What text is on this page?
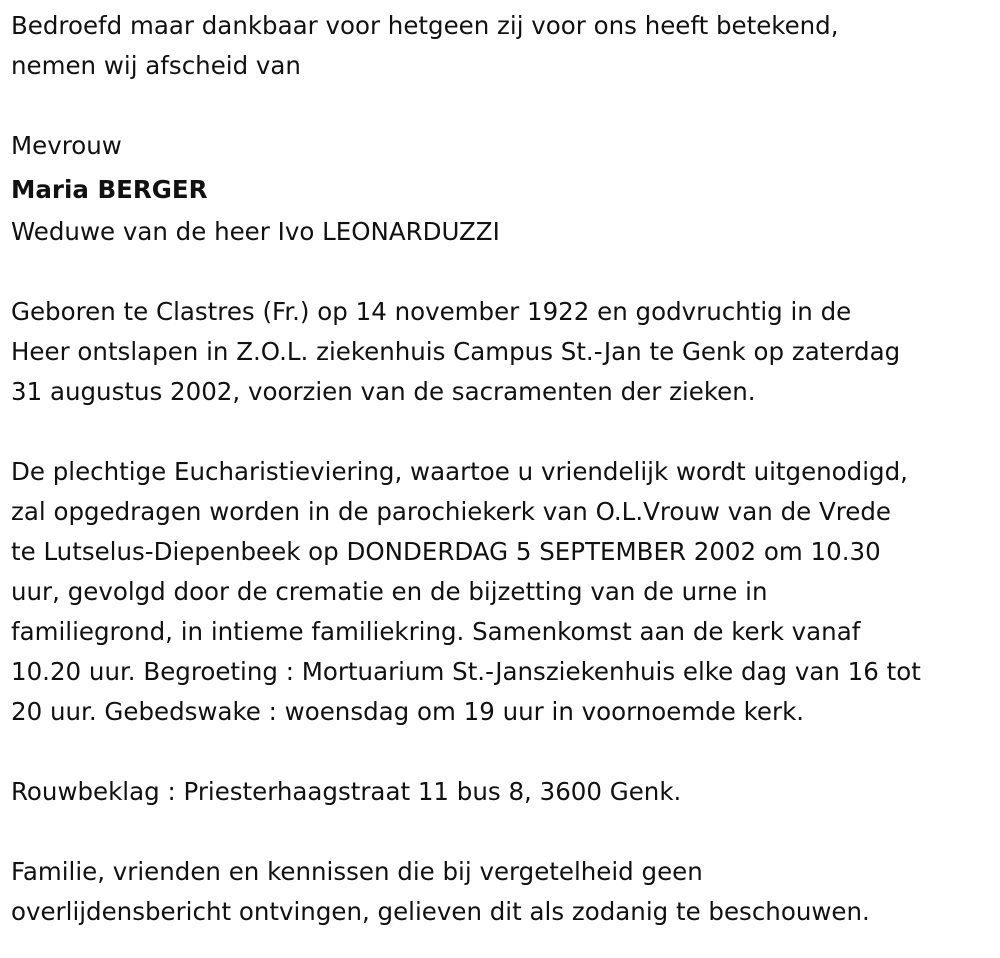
Bedroefd maar dankbaar voor hetgeen zij voor ons heeft betekend,
nemen wij afscheid van
Mevrouw
Maria BERGER
Weduwe van de heer Ivo LEONARDUZZI
Geboren te Clastres (Fr.) op 14 november 1922 en godvruchtig in de
Heer ontslapen in Z.O.L. ziekenhuis Campus St.-Jan te Genk op zaterdag
31 augustus 2002, voorzien van de sacramenten der zieken.
De plechtige Eucharistieviering, waartoe u vriendelijk wordt uitgenodigd,
zal opgedragen worden in de parochiekerk van O.L.Vrouw van de Vrede
te Lutselus-Diepenbeek op DONDERDAG 5 SEPTEMBER 2002 om 10.30
uur, gevolgd door de crematie en de bijzetting van de urne in
familiegrond, in intieme familiekring. Samenkomst aan de kerk vanaf
10.20 uur. Begroeting : Mortuarium St.-Jansziekenhuis elke dag van 16 tot
20 uur. Gebedswake : woensdag om 19 uur in voornoemde kerk.
Rouwbeklag : Priesterhaagstraat 11 bus 8, 3600 Genk.
Familie, vrienden en kennissen die bij vergetelheid geen
overlijdensbericht ontvingen, gelieven dit als zodanig te beschouwen.
